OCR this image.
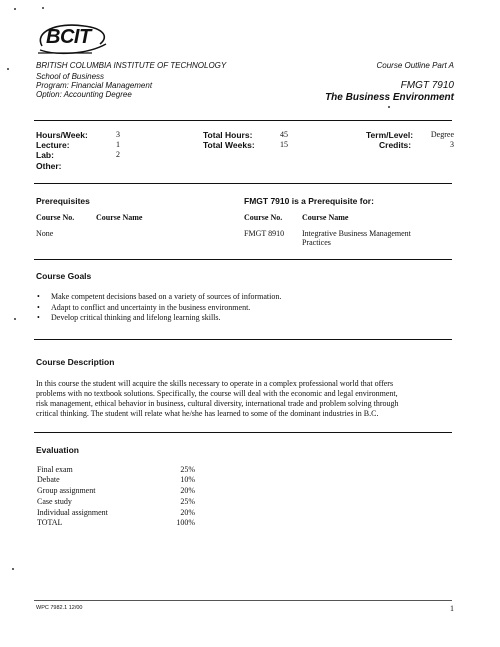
BCIT
BRITISH COLUMBIA INSTITUTE OF TECHNOLOGY
School of Business
Program: Financial Management
Option: Accounting Degree
Course Outline Part A
FMGT 7910
The Business Environment
Hours/Week:	3
Lecture:	1
Lab:	2
Other:
Total Hours:	45
Total Weeks:	15
Term/Level: Degree
Credits:	3
Prerequisites
Course No.	Course Name
None
FMGT 7910 is a Prerequisite for:
Course No. Course Name
FMGT 8910 Integrative Business Management
Practices
Course Goals
• Make competent decisions based on a variety of sources of information.
• Adapt to conflict and uncertainty in the business environment.
• Develop critical thinking and lifelong learning skills.
Course Description
In this course the student will acquire the skills necessary to operate in a complex professional world that offers
problems with no textbook solutions. Specifically, the course will deal with the economic and legal environment,
risk management, ethical behavior in business, cultural diversity, international trade and problem solving through
critical thinking. The student will relate what he/she has learned to some of the dominant industries in B.C.
Evaluation
Final exam	25%
Debate	10%
Group assignment	20%
Case study	25%
Individual assignment	20%
TOTAL	100%
WPC 7982.1 12/00	1
